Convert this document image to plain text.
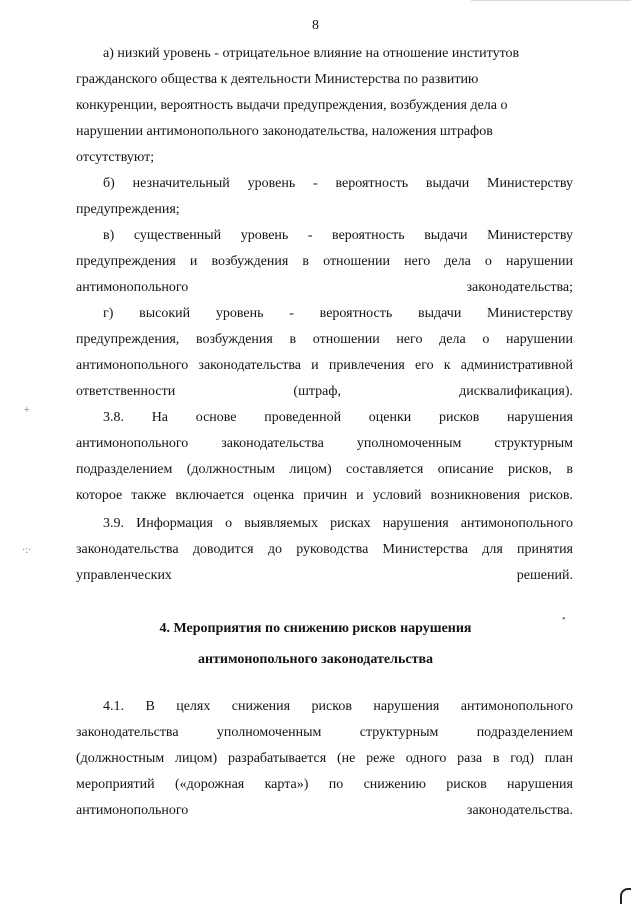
8
а) низкий уровень - отрицательное влияние на отношение институтов
гражданского общества к деятельности Министерства по развитию
конкуренции, вероятность выдачи предупреждения, возбуждения дела о
нарушении антимонопольного законодательства, наложения штрафов
отсутствуют;
б) незначительный уровень - вероятность выдачи Министерству
предупреждения;
в) существенный уровень - вероятность выдачи Министерству
предупреждения и возбуждения в отношении него дела о нарушении
антимонопольного законодательства;
г) высокий уровень - вероятность выдачи Министерству
предупреждения, возбуждения в отношении него дела о нарушении
антимонопольного законодательства и привлечения его к административной
ответственности (штраф, дисквалификация).
3.8. На основе проведенной оценки рисков нарушения
антимонопольного законодательства уполномоченным структурным
подразделением (должностным лицом) составляется описание рисков, в
которое также включается оценка причин и условий возникновения рисков.
3.9. Информация о выявляемых рисках нарушения антимонопольного
законодательства доводится до руководства Министерства для принятия
управленческих решений.
4. Мероприятия по снижению рисков нарушения
антимонопольного законодательства
4.1. В целях снижения рисков нарушения антимонопольного
законодательства уполномоченным структурным подразделением
(должностным лицом) разрабатывается (не реже одного раза в год) план
мероприятий («дорожная карта») по снижению рисков нарушения
антимонопольного законодательства.
+
·:·
•
